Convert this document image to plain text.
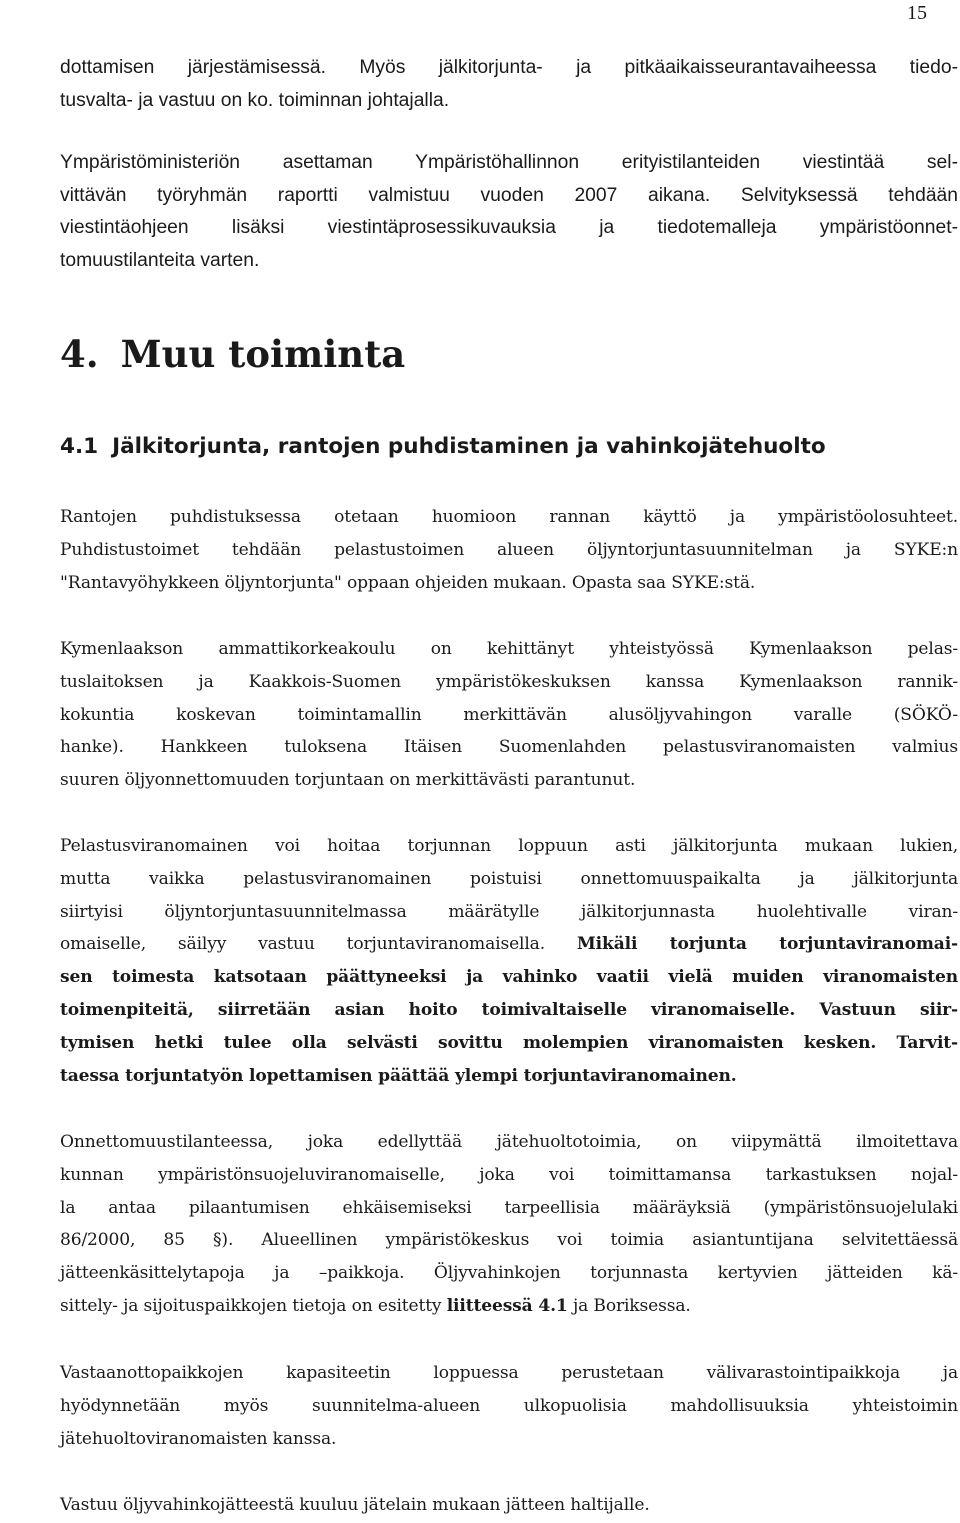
15
dottamisen järjestämisessä. Myös jälkitorjunta- ja pitkäaikaisseurantavaiheessa tiedo-
tusvalta- ja vastuu on ko. toiminnan johtajalla.
Ympäristöministeriön asettaman Ympäristöhallinnon erityistilanteiden viestintää sel-
vittävän työryhmän raportti valmistuu vuoden 2007 aikana. Selvityksessä tehdään
viestintäohjeen lisäksi viestintäprosessikuvauksia ja tiedotemalleja ympäristöonnet-
tomuustilanteita varten.
4. Muu toiminta
4.1 Jälkitorjunta, rantojen puhdistaminen ja vahinkojätehuolto
Rantojen puhdistuksessa otetaan huomioon rannan käyttö ja ympäristöolosuhteet.
Puhdistustoimet tehdään pelastustoimen alueen öljyntorjuntasuunnitelman ja SYKE:n
"Rantavyöhykkeen öljyntorjunta" oppaan ohjeiden mukaan. Opasta saa SYKE:stä.
Kymenlaakson ammattikorkeakoulu on kehittänyt yhteistyössä Kymenlaakson pelas-
tuslaitoksen ja Kaakkois-Suomen ympäristökeskuksen kanssa Kymenlaakson rannik-
kokuntia koskevan toimintamallin merkittävän alusöljyvahingon varalle (SÖKÖ-
hanke). Hankkeen tuloksena Itäisen Suomenlahden pelastusviranomaisten valmius
suuren öljyonnettomuuden torjuntaan on merkittävästi parantunut.
Pelastusviranomainen voi hoitaa torjunnan loppuun asti jälkitorjunta mukaan lukien,
mutta vaikka pelastusviranomainen poistuisi onnettomuuspaikalta ja jälkitorjunta
siirtyisi öljyntorjuntasuunnitelmassa määrätylle jälkitorjunnasta huolehtivalle viran-
omaiselle, säilyy vastuu torjuntaviranomaisella. Mikäli torjunta torjuntaviranomai-
sen toimesta katsotaan päättyneeksi ja vahinko vaatii vielä muiden viranomaisten
toimenpiteitä, siirretään asian hoito toimivaltaiselle viranomaiselle. Vastuun siir-
tymisen hetki tulee olla selvästi sovittu molempien viranomaisten kesken. Tarvit-
taessa torjuntatyön lopettamisen päättää ylempi torjuntaviranomainen.
Onnettomuustilanteessa, joka edellyttää jätehuoltotoimia, on viipymättä ilmoitettava
kunnan ympäristönsuojeluviranomaiselle, joka voi toimittamansa tarkastuksen nojal-
la antaa pilaantumisen ehkäisemiseksi tarpeellisia määräyksiä (ympäristönsuojelulaki
86/2000, 85 §). Alueellinen ympäristökeskus voi toimia asiantuntijana selvitettäessä
jätteenkäsittelytapoja ja –paikkoja. Öljyvahinkojen torjunnasta kertyvien jätteiden kä-
sittely- ja sijoituspaikkojen tietoja on esitetty liitteessä 4.1 ja Boriksessa.
Vastaanottopaikkojen kapasiteetin loppuessa perustetaan välivarastointipaikkoja ja
hyödynnetään myös suunnitelma-alueen ulkopuolisia mahdollisuuksia yhteistoimin
jätehuoltoviranomaisten kanssa.
Vastuu öljyvahinkojätteestä kuuluu jätelain mukaan jätteen haltijalle.
